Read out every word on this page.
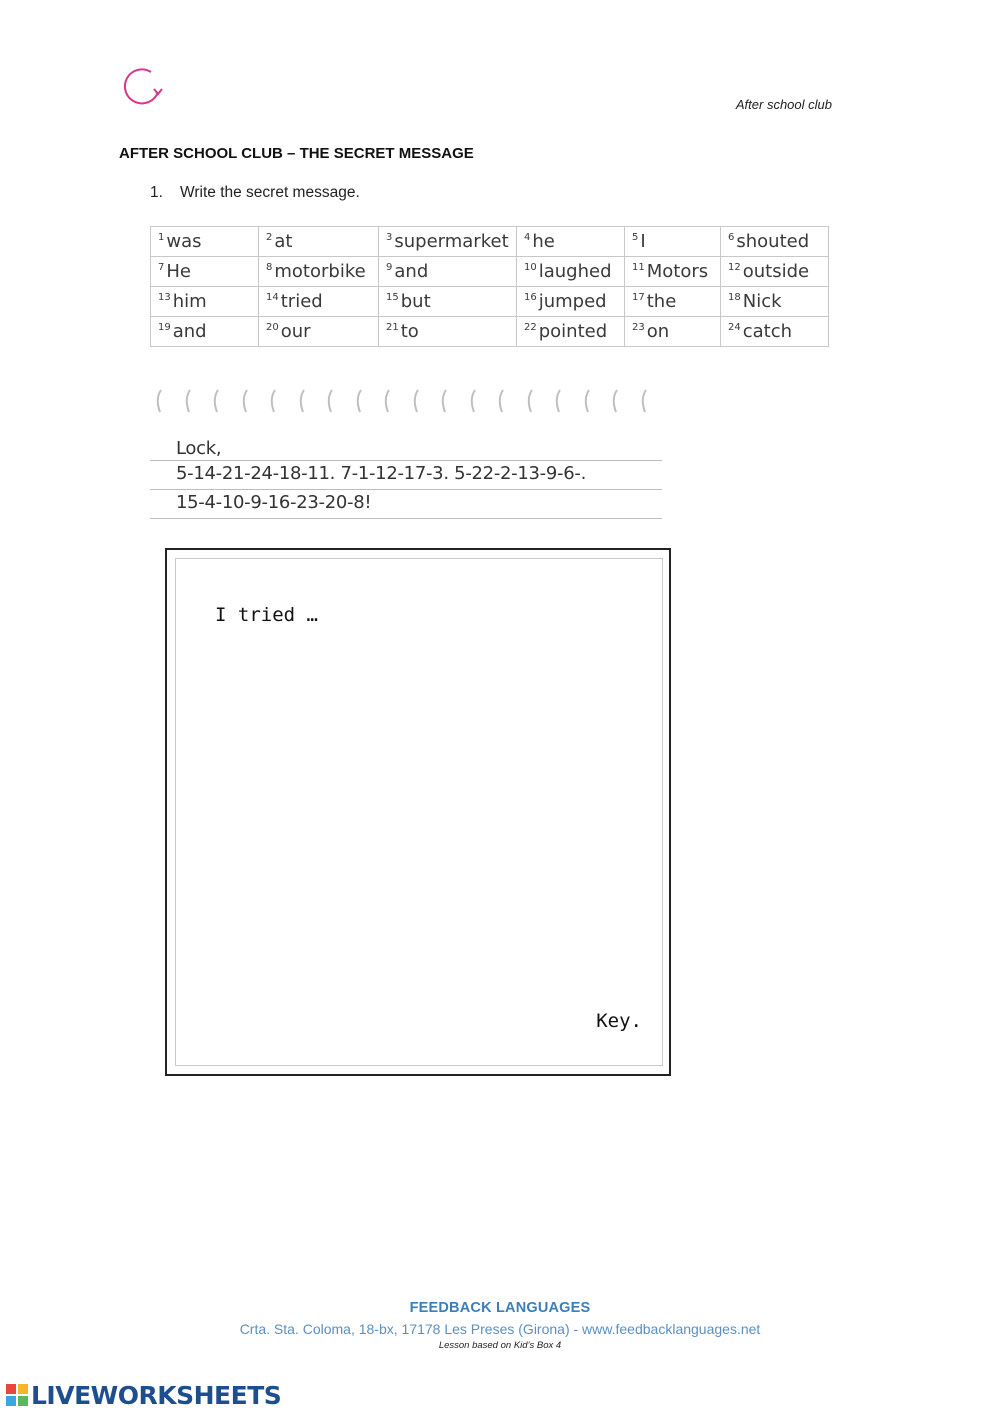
After school club
AFTER SCHOOL CLUB – THE SECRET MESSAGE
1. Write the secret message.
$^1$ was	$^2$ at	$^3$ supermarket	$^4$ he	$^5$ I	$^6$ shouted
$^7$ He	$^8$ motorbike	$^9$ and	$^{10}$ laughed	$^{11}$ Motors	$^{12}$ outside
$^{13}$ him	$^{14}$ tried	$^{15}$ but	$^{16}$ jumped	$^{17}$ the	$^{18}$ Nick
$^{19}$ and	$^{20}$ our	$^{21}$ to	$^{22}$ pointed	$^{23}$ on	$^{24}$ catch
Lock,
5-14-21-24-18-11. 7-1-12-17-3. 5-22-2-13-9-6-.
15-4-10-9-16-23-20-8!
I tried …
Key.
FEEDBACK LANGUAGES
Crta. Sta. Coloma, 18-bx, 17178 Les Preses (Girona) - www.feedbacklanguages.net
Lesson based on Kid’s Box 4
LIVEWORKSHEETS
